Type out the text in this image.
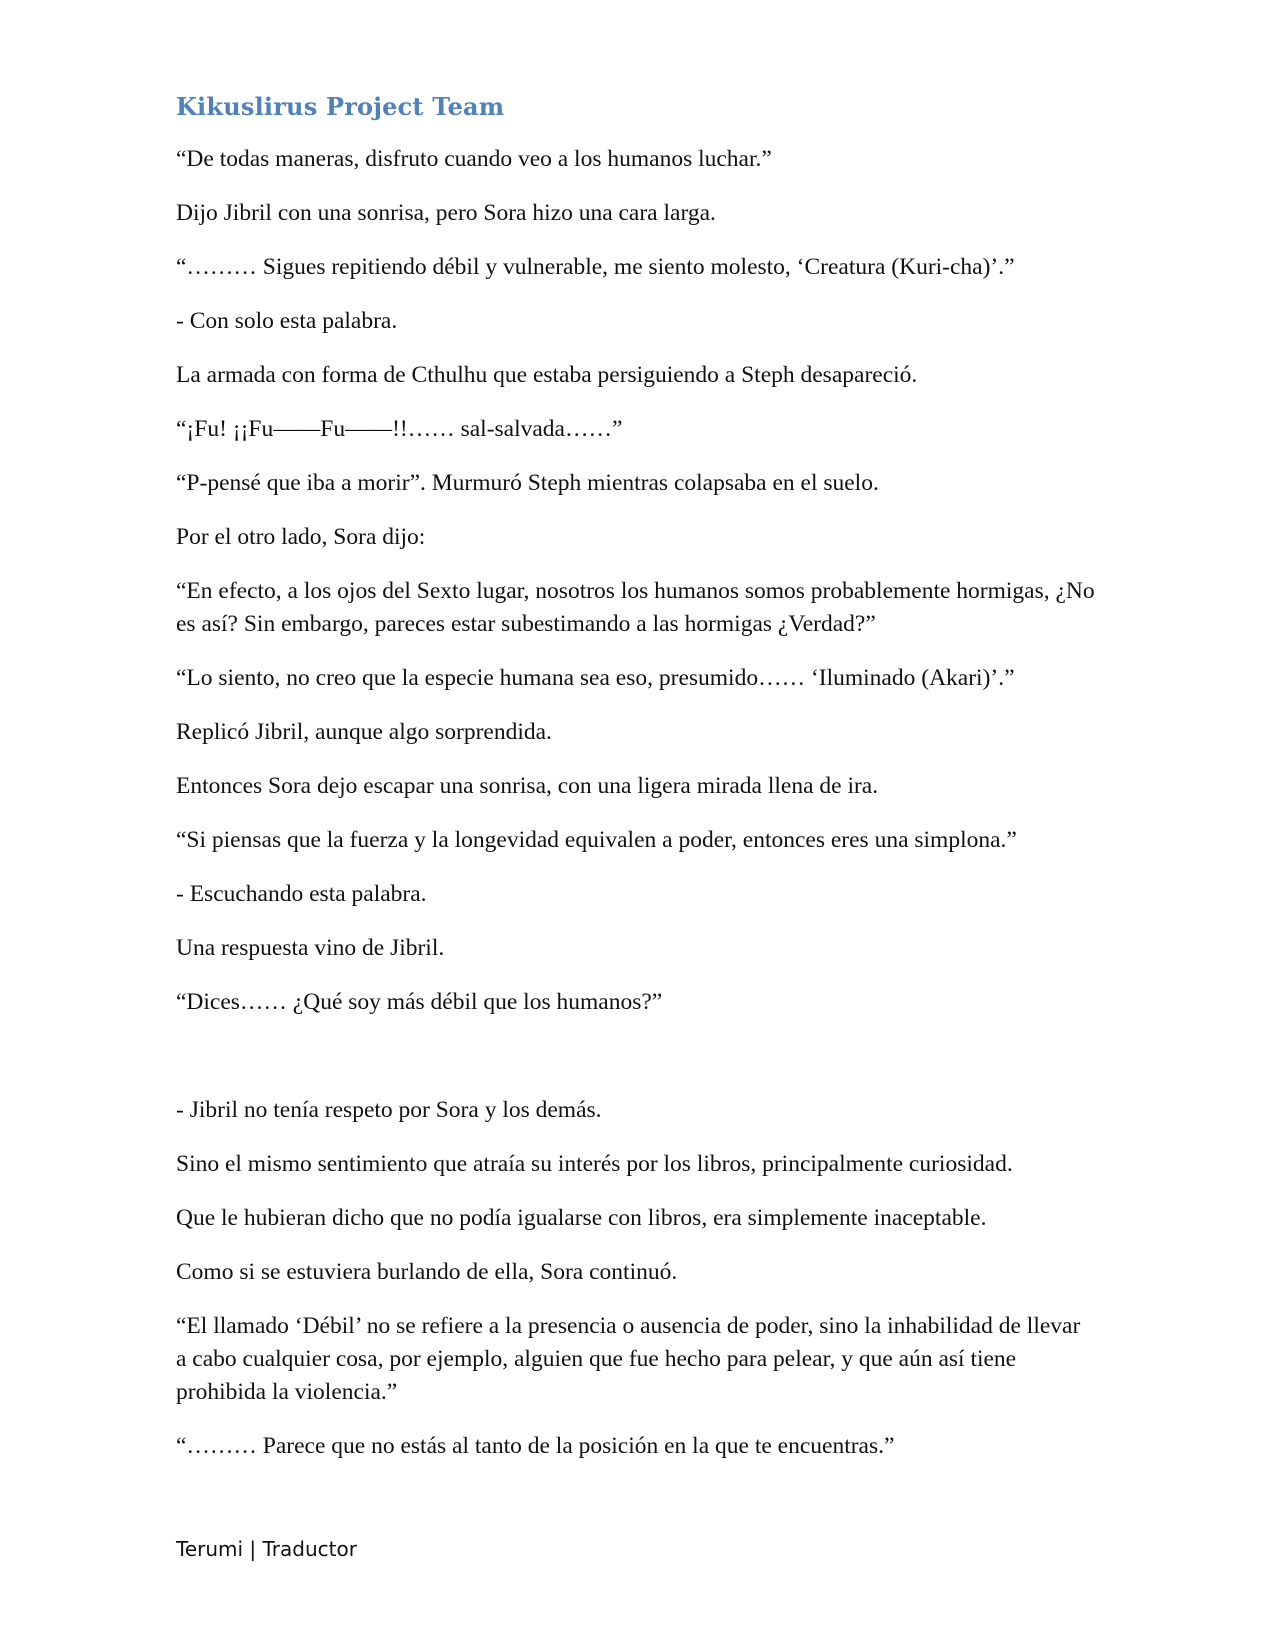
Kikuslirus Project Team

“De todas maneras, disfruto cuando veo a los humanos luchar.”

Dijo Jibril con una sonrisa, pero Sora hizo una cara larga.

“……… Sigues repitiendo débil y vulnerable, me siento molesto, ‘Creatura (Kuri-cha)’.”

- Con solo esta palabra.

La armada con forma de Cthulhu que estaba persiguiendo a Steph desapareció.

“¡Fu! ¡¡Fu——Fu——!!…… sal-salvada……”

“P-pensé que iba a morir”. Murmuró Steph mientras colapsaba en el suelo.

Por el otro lado, Sora dijo:

“En efecto, a los ojos del Sexto lugar, nosotros los humanos somos probablemente hormigas, ¿No es así? Sin embargo, pareces estar subestimando a las hormigas ¿Verdad?”

“Lo siento, no creo que la especie humana sea eso, presumido…… ‘Iluminado (Akari)’.”

Replicó Jibril, aunque algo sorprendida.

Entonces Sora dejo escapar una sonrisa, con una ligera mirada llena de ira.

“Si piensas que la fuerza y la longevidad equivalen a poder, entonces eres una simplona.”

- Escuchando esta palabra.

Una respuesta vino de Jibril.

“Dices…… ¿Qué soy más débil que los humanos?”

- Jibril no tenía respeto por Sora y los demás.

Sino el mismo sentimiento que atraía su interés por los libros, principalmente curiosidad.

Que le hubieran dicho que no podía igualarse con libros, era simplemente inaceptable.

Como si se estuviera burlando de ella, Sora continuó.

“El llamado ‘Débil’ no se refiere a la presencia o ausencia de poder, sino la inhabilidad de llevar a cabo cualquier cosa, por ejemplo, alguien que fue hecho para pelear, y que aún así tiene prohibida la violencia.”

“……… Parece que no estás al tanto de la posición en la que te encuentras.”

Terumi | Traductor
